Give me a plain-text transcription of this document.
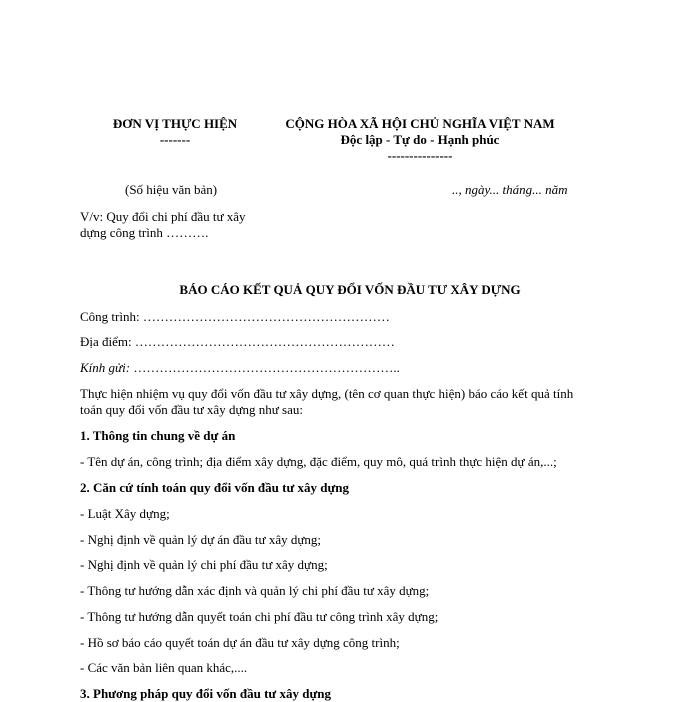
ĐƠN VỊ THỰC HIỆN
-------
CỘNG HÒA XÃ HỘI CHỦ NGHĨA VIỆT NAM
Độc lập - Tự do - Hạnh phúc
---------------
(Số hiệu văn bản)	.., ngày... tháng... năm
V/v: Quy đổi chi phí đầu tư xây
dựng công trình ……….
BÁO CÁO KẾT QUẢ QUY ĐỔI VỐN ĐẦU TƯ XÂY DỰNG
Công trình: …………………………………………………
Địa điểm: ……………………………………………………
Kính gửi: ……………………………………………………..
Thực hiện nhiệm vụ quy đổi vốn đầu tư xây dựng, (tên cơ quan thực hiện) báo cáo kết quả tính
toán quy đổi vốn đầu tư xây dựng như sau:
1. Thông tin chung về dự án
- Tên dự án, công trình; địa điểm xây dựng, đặc điểm, quy mô, quá trình thực hiện dự án,...;
2. Căn cứ tính toán quy đổi vốn đầu tư xây dựng
- Luật Xây dựng;
- Nghị định về quản lý dự án đầu tư xây dựng;
- Nghị định về quản lý chi phí đầu tư xây dựng;
- Thông tư hướng dẫn xác định và quản lý chi phí đầu tư xây dựng;
- Thông tư hướng dẫn quyết toán chi phí đầu tư công trình xây dựng;
- Hồ sơ báo cáo quyết toán dự án đầu tư xây dựng công trình;
- Các văn bản liên quan khác,....
3. Phương pháp quy đổi vốn đầu tư xây dựng
